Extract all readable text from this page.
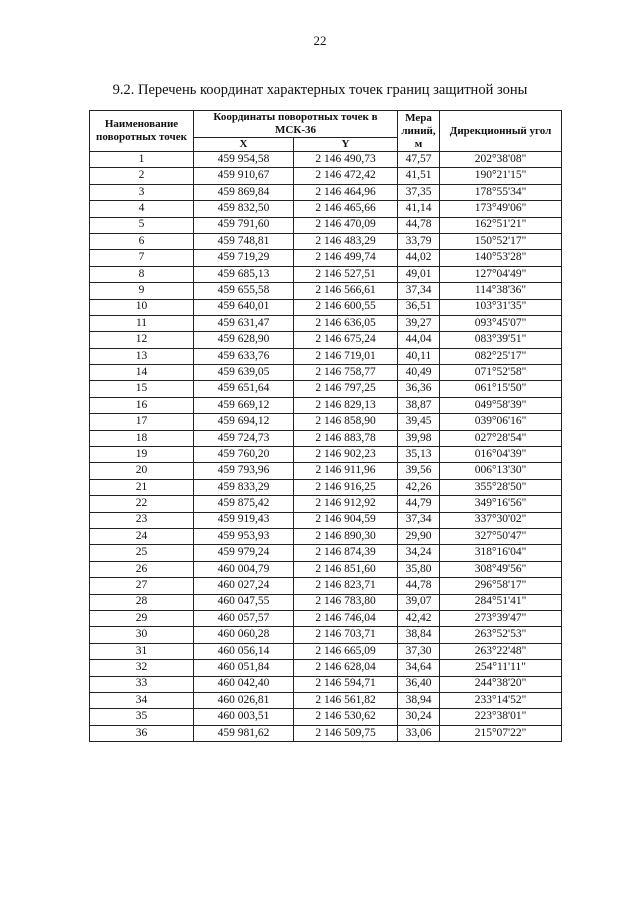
22
9.2. Перечень координат характерных точек границ защитной зоны
Наименование поворотных точек	Координаты поворотных точек в МСК-36		Мера линий, м	Дирекционный угол
	X	Y		
1	459 954,58	2 146 490,73	47,57	202°38'08"
2	459 910,67	2 146 472,42	41,51	190°21'15"
3	459 869,84	2 146 464,96	37,35	178°55'34"
4	459 832,50	2 146 465,66	41,14	173°49'06"
5	459 791,60	2 146 470,09	44,78	162°51'21"
6	459 748,81	2 146 483,29	33,79	150°52'17"
7	459 719,29	2 146 499,74	44,02	140°53'28"
8	459 685,13	2 146 527,51	49,01	127°04'49"
9	459 655,58	2 146 566,61	37,34	114°38'36"
10	459 640,01	2 146 600,55	36,51	103°31'35"
11	459 631,47	2 146 636,05	39,27	093°45'07"
12	459 628,90	2 146 675,24	44,04	083°39'51"
13	459 633,76	2 146 719,01	40,11	082°25'17"
14	459 639,05	2 146 758,77	40,49	071°52'58"
15	459 651,64	2 146 797,25	36,36	061°15'50"
16	459 669,12	2 146 829,13	38,87	049°58'39"
17	459 694,12	2 146 858,90	39,45	039°06'16"
18	459 724,73	2 146 883,78	39,98	027°28'54"
19	459 760,20	2 146 902,23	35,13	016°04'39"
20	459 793,96	2 146 911,96	39,56	006°13'30"
21	459 833,29	2 146 916,25	42,26	355°28'50"
22	459 875,42	2 146 912,92	44,79	349°16'56"
23	459 919,43	2 146 904,59	37,34	337°30'02"
24	459 953,93	2 146 890,30	29,90	327°50'47"
25	459 979,24	2 146 874,39	34,24	318°16'04"
26	460 004,79	2 146 851,60	35,80	308°49'56"
27	460 027,24	2 146 823,71	44,78	296°58'17"
28	460 047,55	2 146 783,80	39,07	284°51'41"
29	460 057,57	2 146 746,04	42,42	273°39'47"
30	460 060,28	2 146 703,71	38,84	263°52'53"
31	460 056,14	2 146 665,09	37,30	263°22'48"
32	460 051,84	2 146 628,04	34,64	254°11'11"
33	460 042,40	2 146 594,71	36,40	244°38'20"
34	460 026,81	2 146 561,82	38,94	233°14'52"
35	460 003,51	2 146 530,62	30,24	223°38'01"
36	459 981,62	2 146 509,75	33,06	215°07'22"
